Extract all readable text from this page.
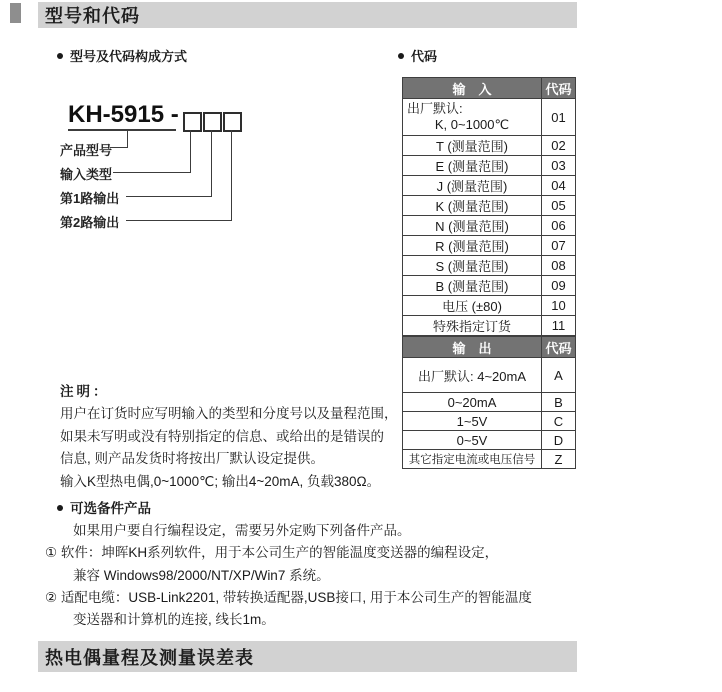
型号和代码
型号及代码构成方式
KH-5915 -
产品型号
输入类型
第1路输出
第2路输出
代码
输　入	代码

出厂默认:
K, 0~1000℃	01
T (测量范围)	02
E (测量范围)	03
J (测量范围)	04
K (测量范围)	05
N (测量范围)	06
R (测量范围)	07
S (测量范围)	08
B (测量范围)	09
电压 (±80)	10
特殊指定订货	11
输　出	代码
出厂默认: 4~20mA	A
0~20mA	B
1~5V	C
0~5V	D
其它指定电流或电压信号	Z
注明：
用户在订货时应写明输入的类型和分度号以及量程范围，
如果未写明或没有特别指定的信息、或给出的是错误的
信息, 则产品发货时将按出厂默认设定提供。
输入K型热电偶,0~1000℃; 输出4~20mA, 负载380Ω。
可选备件产品
如果用户要自行编程设定，需要另外定购下列备件产品。
① 软件：坤晖KH系列软件，用于本公司生产的智能温度变送器的编程设定，
兼容 Windows98/2000/NT/XP/Win7 系统。
② 适配电缆：USB-Link2201, 带转换适配器,USB接口, 用于本公司生产的智能温度
变送器和计算机的连接, 线长1m。
热电偶量程及测量误差表
